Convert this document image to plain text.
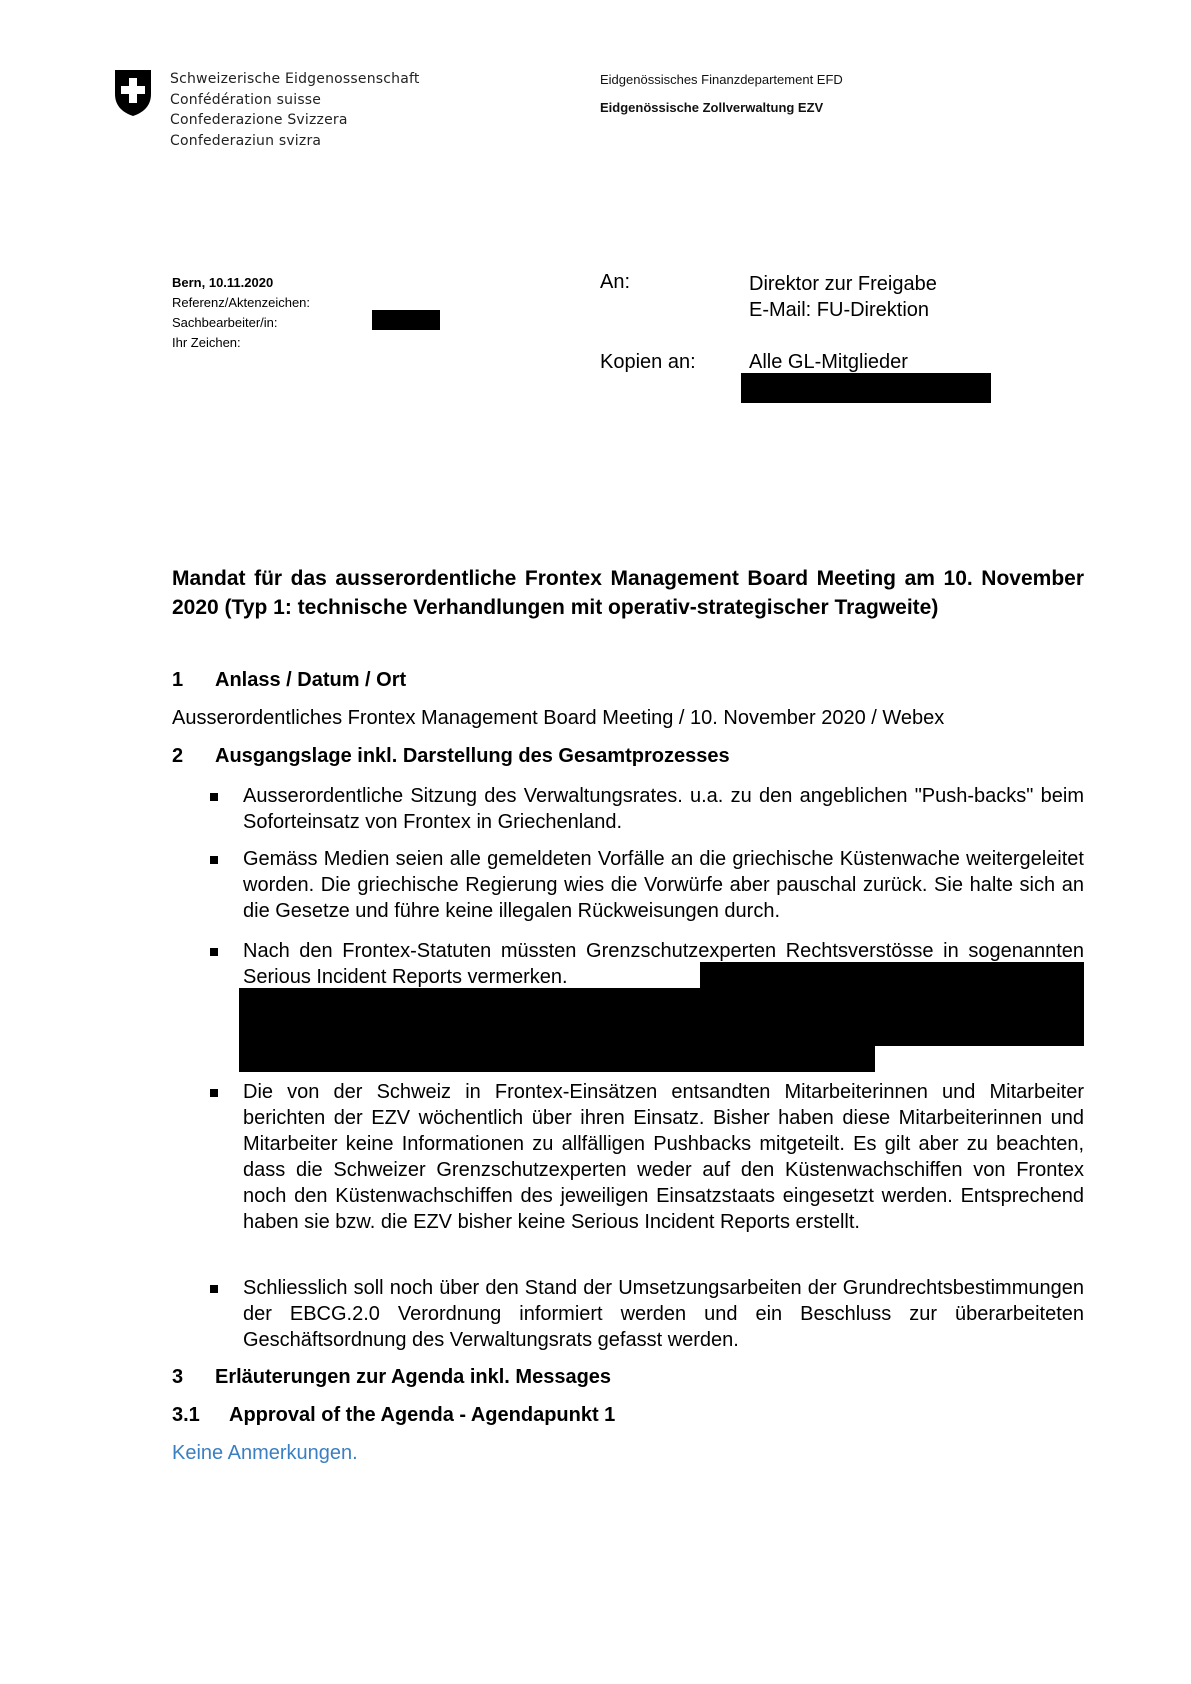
Schweizerische Eidgenossenschaft
Confédération suisse
Confederazione Svizzera
Confederaziun svizra
Eidgenössisches Finanzdepartement EFD
Eidgenössische Zollverwaltung EZV
Bern, 10.11.2020
Referenz/Aktenzeichen:
Sachbearbeiter/in:
Ihr Zeichen:
An:	Direktor zur Freigabe
E-Mail: FU-Direktion
Kopien an:	Alle GL-Mitglieder
Mandat für das ausserordentliche Frontex Management Board Meeting am 10. November 2020 (Typ 1: technische Verhandlungen mit operativ-strategischer Tragweite)
1 Anlass / Datum / Ort
Ausserordentliches Frontex Management Board Meeting / 10. November 2020 / Webex
2 Ausgangslage inkl. Darstellung des Gesamtprozesses
Ausserordentliche Sitzung des Verwaltungsrates. u.a. zu den angeblichen "Push-backs" beim Soforteinsatz von Frontex in Griechenland.
Gemäss Medien seien alle gemeldeten Vorfälle an die griechische Küstenwache weitergeleitet worden. Die griechische Regierung wies die Vorwürfe aber pauschal zurück. Sie halte sich an die Gesetze und führe keine illegalen Rückweisungen durch.
Nach den Frontex-Statuten müssten Grenzschutzexperten Rechtsverstösse in sogenannten Serious Incident Reports vermerken.
Die von der Schweiz in Frontex-Einsätzen entsandten Mitarbeiterinnen und Mitarbeiter berichten der EZV wöchentlich über ihren Einsatz. Bisher haben diese Mitarbeiterinnen und Mitarbeiter keine Informationen zu allfälligen Pushbacks mitgeteilt. Es gilt aber zu beachten, dass die Schweizer Grenzschutzexperten weder auf den Küstenwachschiffen von Frontex noch den Küstenwachschiffen des jeweiligen Einsatzstaats eingesetzt werden. Entsprechend haben sie bzw. die EZV bisher keine Serious Incident Reports erstellt.
Schliesslich soll noch über den Stand der Umsetzungsarbeiten der Grundrechtsbestimmungen der EBCG.2.0 Verordnung informiert werden und ein Beschluss zur überarbeiteten Geschäftsordnung des Verwaltungsrats gefasst werden.
3 Erläuterungen zur Agenda inkl. Messages
3.1 Approval of the Agenda - Agendapunkt 1
Keine Anmerkungen.
